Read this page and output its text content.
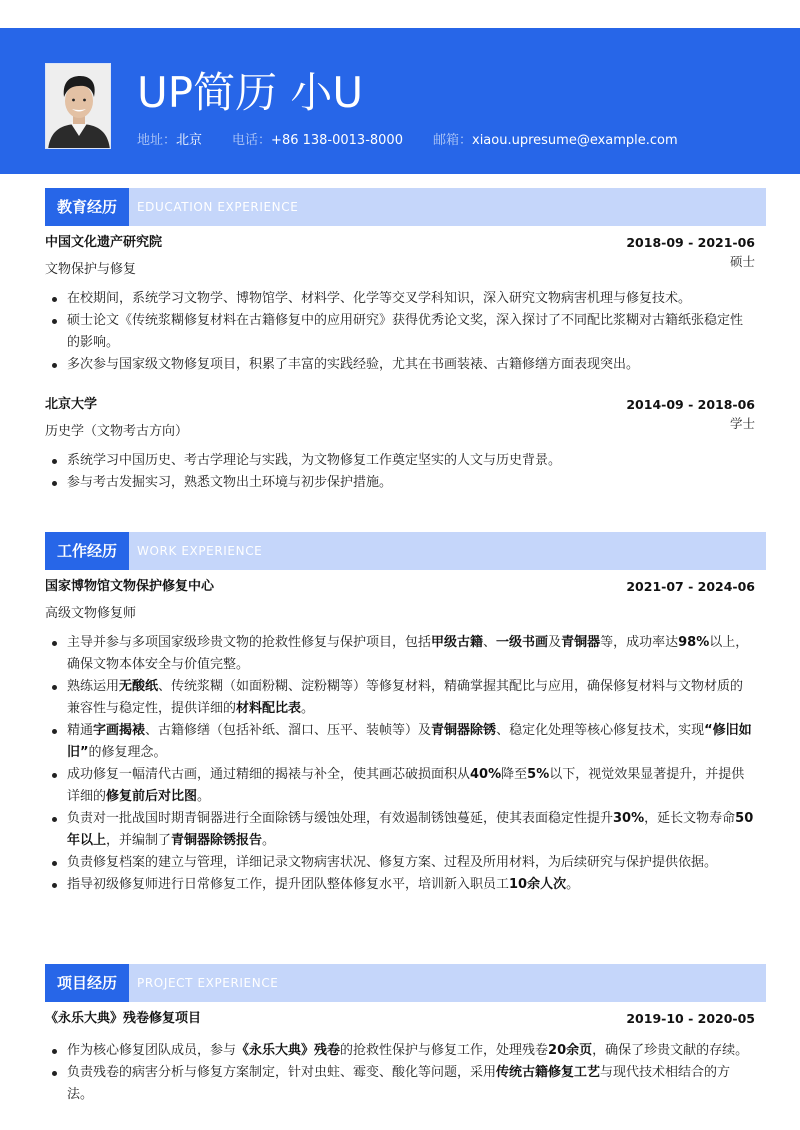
UP简历 小U
地址：北京 电话：+86 138-0013-8000 邮箱：xiaou.upresume@example.com
教育经历	EDUCATION EXPERIENCE
中国文化遗产研究院	2018-09 - 2021-06
文物保护与修复
硕士
在校期间，系统学习文物学、博物馆学、材料学、化学等交叉学科知识，深入研究文物病害机理与修复技术。
硕士论文《传统浆糊修复材料在古籍修复中的应用研究》获得优秀论文奖，深入探讨了不同配比浆糊对古籍纸张稳定性的影响。
多次参与国家级文物修复项目，积累了丰富的实践经验，尤其在书画装裱、古籍修缮方面表现突出。
北京大学	2014-09 - 2018-06
历史学（文物考古方向）
学士
系统学习中国历史、考古学理论与实践，为文物修复工作奠定坚实的人文与历史背景。
参与考古发掘实习，熟悉文物出土环境与初步保护措施。
工作经历	WORK EXPERIENCE
国家博物馆文物保护修复中心	2021-07 - 2024-06
高级文物修复师
主导并参与多项国家级珍贵文物的抢救性修复与保护项目，包括甲级古籍、一级书画及青铜器等，成功率达98%以上，确保文物本体安全与价值完整。
熟练运用无酸纸、传统浆糊（如面粉糊、淀粉糊等）等修复材料，精确掌握其配比与应用，确保修复材料与文物材质的兼容性与稳定性，提供详细的材料配比表。
精通字画揭裱、古籍修缮（包括补纸、溜口、压平、装帧等）及青铜器除锈、稳定化处理等核心修复技术，实现“修旧如旧”的修复理念。
成功修复一幅清代古画，通过精细的揭裱与补全，使其画芯破损面积从40%降至5%以下，视觉效果显著提升，并提供详细的修复前后对比图。
负责对一批战国时期青铜器进行全面除锈与缓蚀处理，有效遏制锈蚀蔓延，使其表面稳定性提升30%，延长文物寿命50年以上，并编制了青铜器除锈报告。
负责修复档案的建立与管理，详细记录文物病害状况、修复方案、过程及所用材料，为后续研究与保护提供依据。
指导初级修复师进行日常修复工作，提升团队整体修复水平，培训新入职员工10余人次。
项目经历	PROJECT EXPERIENCE
《永乐大典》残卷修复项目	2019-10 - 2020-05
作为核心修复团队成员，参与《永乐大典》残卷的抢救性保护与修复工作，处理残卷20余页，确保了珍贵文献的存续。
负责残卷的病害分析与修复方案制定，针对虫蛀、霉变、酸化等问题，采用传统古籍修复工艺与现代技术相结合的方法。
